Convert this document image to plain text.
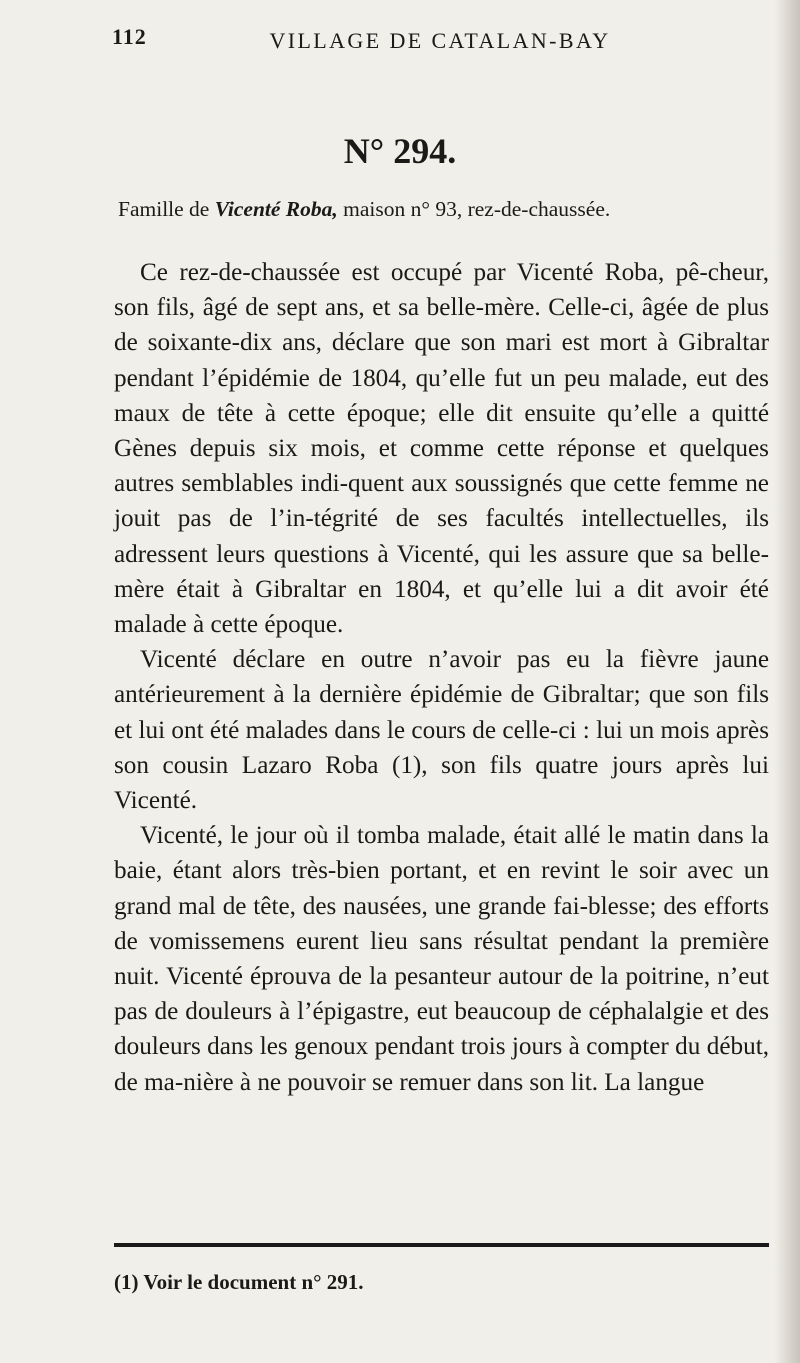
112	VILLAGE DE CATALAN-BAY
N° 294.
Famille de Vicenté Roba, maison n° 93, rez-de-chaussée.

Ce rez-de-chaussée est occupé par Vicenté Roba, pê-cheur, son fils, âgé de sept ans, et sa belle-mère. Celle-ci, âgée de plus de soixante-dix ans, déclare que son mari est mort à Gibraltar pendant l’épidémie de 1804, qu’elle fut un peu malade, eut des maux de tête à cette époque; elle dit ensuite qu’elle a quitté Gènes depuis six mois, et comme cette réponse et quelques autres semblables indi-quent aux soussignés que cette femme ne jouit pas de l’in-tégrité de ses facultés intellectuelles, ils adressent leurs questions à Vicenté, qui les assure que sa belle-mère était à Gibraltar en 1804, et qu’elle lui a dit avoir été malade à cette époque.

Vicenté déclare en outre n’avoir pas eu la fièvre jaune antérieurement à la dernière épidémie de Gibraltar; que son fils et lui ont été malades dans le cours de celle-ci : lui un mois après son cousin Lazaro Roba (1), son fils quatre jours après lui Vicenté.

Vicenté, le jour où il tomba malade, était allé le matin dans la baie, étant alors très-bien portant, et en revint le soir avec un grand mal de tête, des nausées, une grande fai-blesse; des efforts de vomissemens eurent lieu sans résultat pendant la première nuit. Vicenté éprouva de la pesanteur autour de la poitrine, n’eut pas de douleurs à l’épigastre, eut beaucoup de céphalalgie et des douleurs dans les genoux pendant trois jours à compter du début, de ma-nière à ne pouvoir se remuer dans son lit. La langue

(1) Voir le document n° 291.
